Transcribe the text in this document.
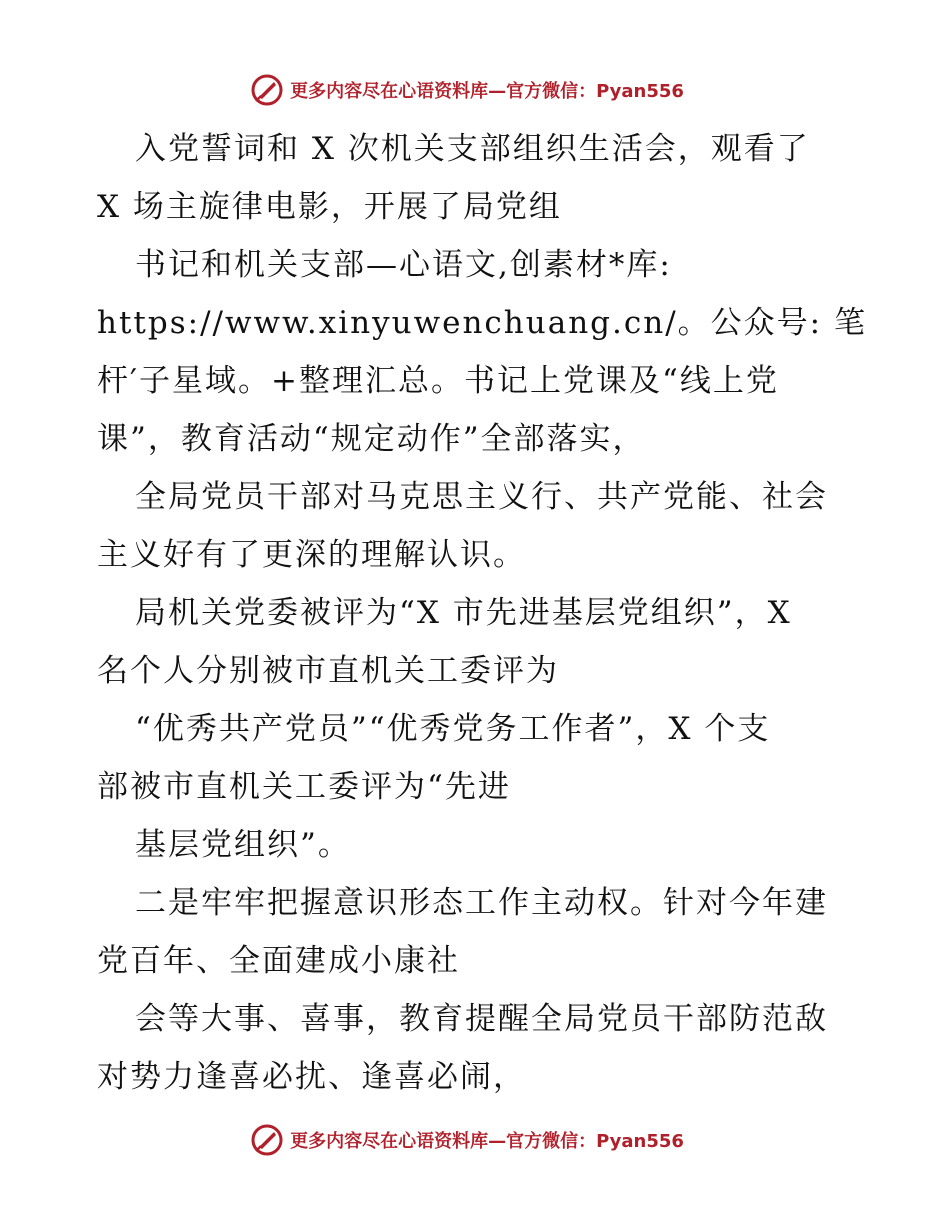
更多内容尽在心语资料库—官方微信：Pyan556
入党誓词和 X 次机关支部组织生活会，观看了
X 场主旋律电影，开展了局党组
书记和机关支部—心语文,创素材*库:
https://www.xinyuwenchuang.cn/。公众号: 笔
杆′子星域。+整理汇总。书记上党课及“线上党
课”，教育活动“规定动作”全部落实，
全局党员干部对马克思主义行、共产党能、社会
主义好有了更深的理解认识。
局机关党委被评为“X 市先进基层党组织”，X
名个人分别被市直机关工委评为
“优秀共产党员”“优秀党务工作者”，X 个支
部被市直机关工委评为“先进
基层党组织”。
二是牢牢把握意识形态工作主动权。针对今年建
党百年、全面建成小康社
会等大事、喜事，教育提醒全局党员干部防范敌
对势力逢喜必扰、逢喜必闹，
更多内容尽在心语资料库—官方微信：Pyan556
